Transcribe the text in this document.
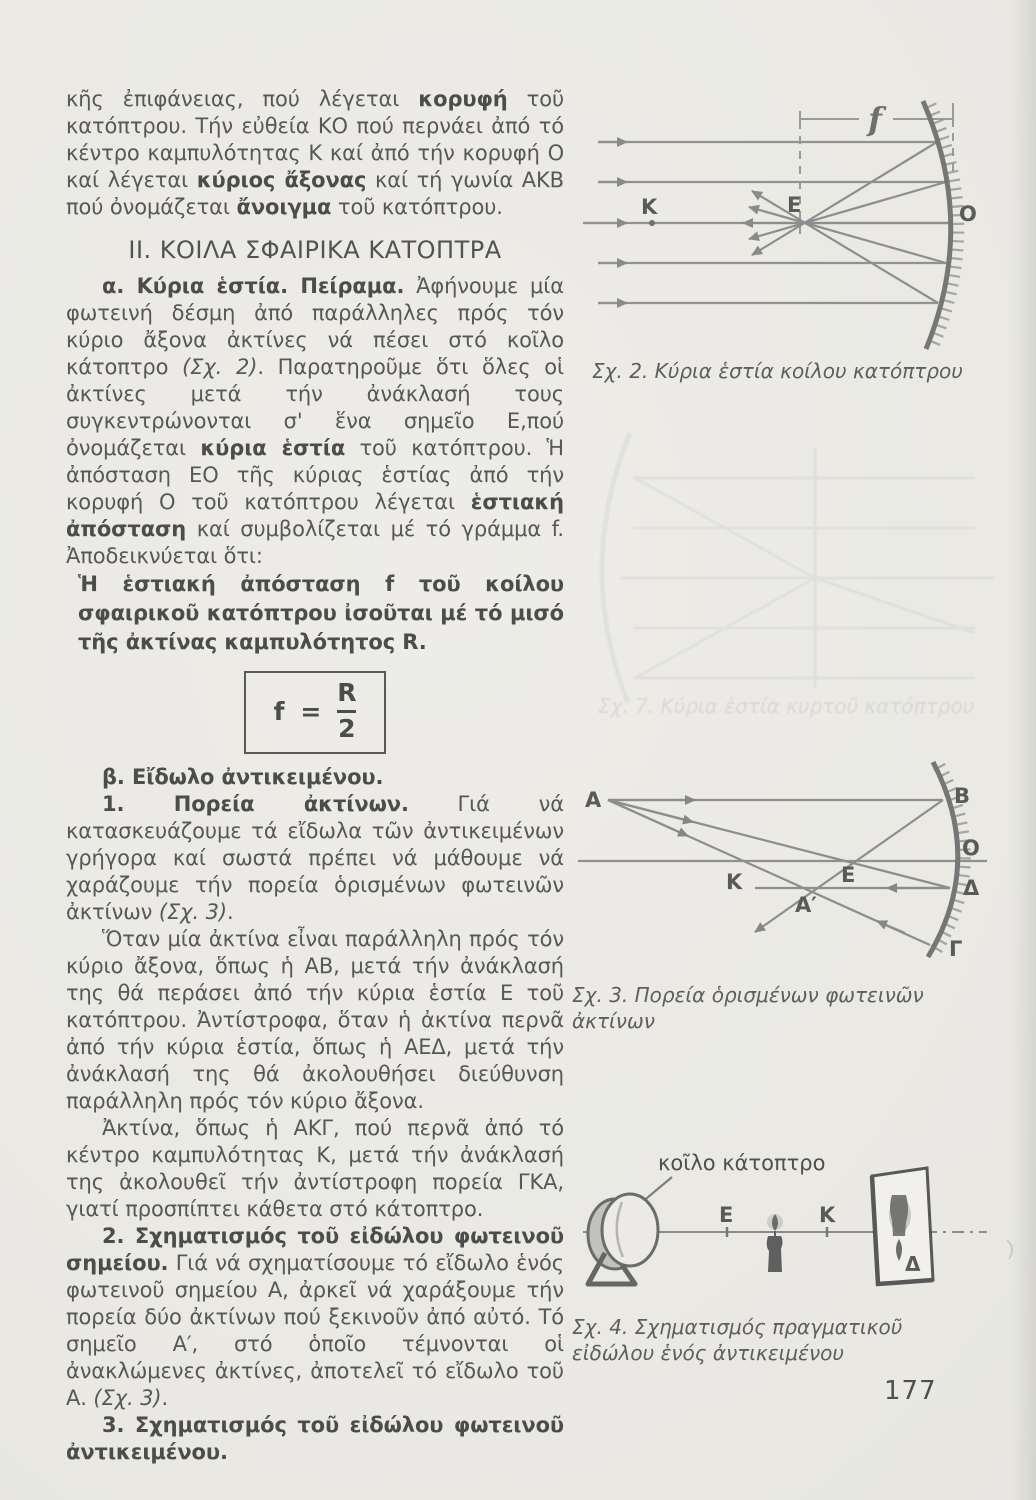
κῆς ἐπιφάνειας, πού λέγεται κορυφή τοῦ κατόπτρου. Τήν εὐθεία ΚΟ πού περνάει ἀπό τό κέντρο καμπυλότητας Κ καί ἀπό τήν κορυφή Ο καί λέγεται κύριος ἄξονας καί τή γωνία ΑΚΒ πού ὀνομάζεται ἄνοιγμα τοῦ κατόπτρου.

ΙΙ. ΚΟΙΛΑ ΣΦΑΙΡΙΚΑ ΚΑΤΟΠΤΡΑ

α. Κύρια ἑστία. Πείραμα. Ἀφήνουμε μία φωτεινή δέσμη ἀπό παράλληλες πρός τόν κύριο ἄξονα ἀκτίνες νά πέσει στό κοῖλο κάτοπτρο (Σχ. 2). Παρατηροῦμε ὅτι ὅλες οἱ ἀκτίνες μετά τήν ἀνάκλασή τους συγκεντρώνονται σ' ἕνα σημεῖο Ε,πού ὀνομάζεται κύρια ἑστία τοῦ κατόπτρου. Ἡ ἀπόσταση ΕΟ τῆς κύριας ἑστίας ἀπό τήν κορυφή Ο τοῦ κατόπτρου λέγεται ἑστιακή ἀπόσταση καί συμβολίζεται μέ τό γράμμα f. Ἀποδεικνύεται ὅτι:

Ἡ ἑστιακή ἀπόσταση f τοῦ κοίλου σφαιρικοῦ κατόπτρου ἰσοῦται μέ τό μισό τῆς ἀκτίνας καμπυλότητος R.

$f = \frac{R}{2}$

β. Εἴδωλο ἀντικειμένου.

1. Πορεία ἀκτίνων. Γιά νά κατασκευάζουμε τά εἴδωλα τῶν ἀντικειμένων γρήγορα καί σωστά πρέπει νά μάθουμε νά χαράζουμε τήν πορεία ὁρισμένων φωτεινῶν ἀκτίνων (Σχ. 3).

Ὅταν μία ἀκτίνα εἶναι παράλληλη πρός τόν κύριο ἄξονα, ὅπως ἡ ΑΒ, μετά τήν ἀνάκλασή της θά περάσει ἀπό τήν κύρια ἑστία Ε τοῦ κατόπτρου. Ἀντίστροφα, ὅταν ἡ ἀκτίνα περνᾶ ἀπό τήν κύρια ἑστία, ὅπως ἡ ΑΕΔ, μετά τήν ἀνάκλασή της θά ἀκολουθήσει διεύθυνση παράλληλη πρός τόν κύριο ἄξονα.

Ἀκτίνα, ὅπως ἡ ΑΚΓ, πού περνᾶ ἀπό τό κέντρο καμπυλότητας Κ, μετά τήν ἀνάκλασή της ἀκολουθεῖ τήν ἀντίστροφη πορεία ΓΚΑ, γιατί προσπίπτει κάθετα στό κάτοπτρο.

2. Σχηματισμός τοῦ εἰδώλου φωτεινοῦ σημείου. Γιά νά σχηματίσουμε τό εἴδωλο ἑνός φωτεινοῦ σημείου Α, ἀρκεῖ νά χαράξουμε τήν πορεία δύο ἀκτίνων πού ξεκινοῦν ἀπό αὐτό. Τό σημεῖο Α′, στό ὁποῖο τέμνονται οἱ ἀνακλώμενες ἀκτίνες, ἀποτελεῖ τό εἴδωλο τοῦ Α. (Σχ. 3).

3. Σχηματισμός τοῦ εἰδώλου φωτεινοῦ ἀντικειμένου.

f
K	E	O
Σχ. 2. Κύρια ἑστία κοίλου κατόπτρου
Σχ. 7. Κύρια ἑστία κυρτοῦ κατόπτρου
Α	Β
Ο
Ε
Κ	Δ
Α′
Γ
Σχ. 3. Πορεία ὁρισμένων φωτεινῶν ἀκτίνων
κοῖλο κάτοπτρο
Ε	Κ
Δ
Σχ. 4. Σχηματισμός πραγματικοῦ εἰδώλου ἑνός ἀντικειμένου
177
